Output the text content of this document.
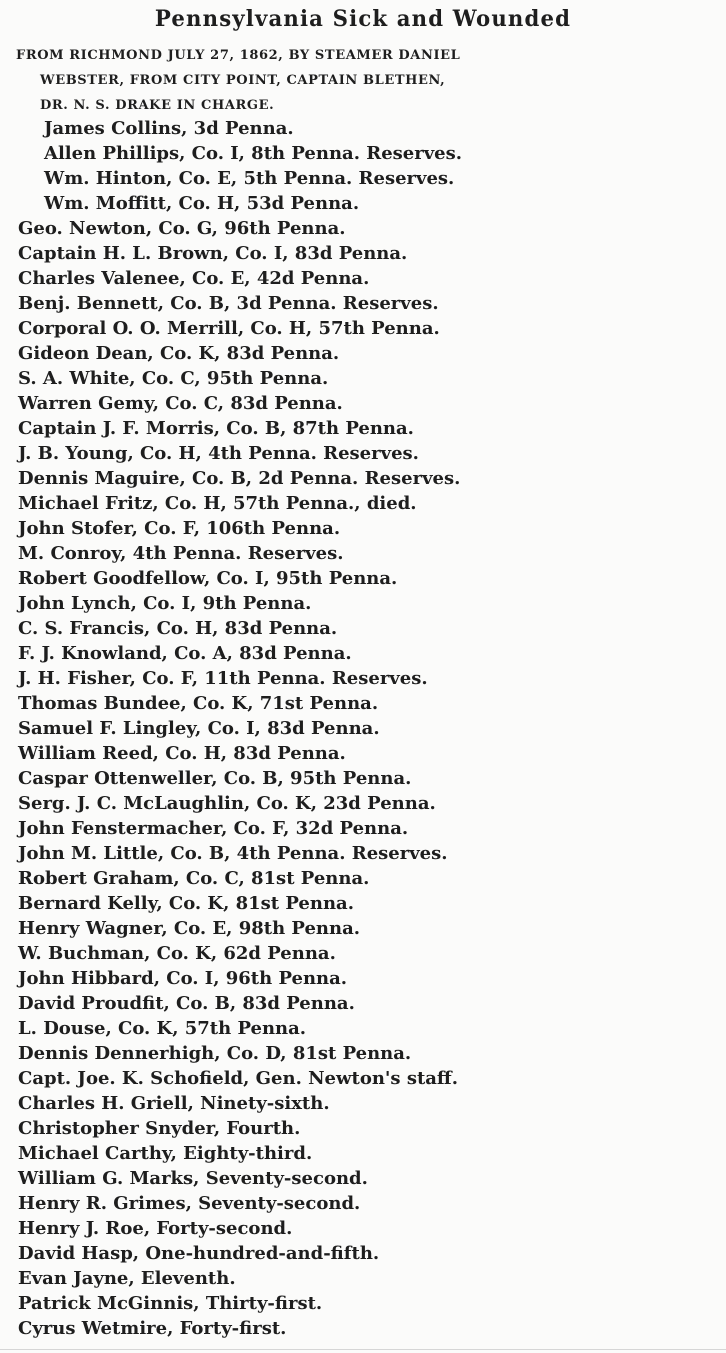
Pennsylvania Sick and Wounded
FROM RICHMOND JULY 27, 1862, BY STEAMER DANIEL
WEBSTER, FROM CITY POINT, CAPTAIN BLETHEN,
DR. N. S. DRAKE IN CHARGE.
James Collins, 3d Penna.
Allen Phillips, Co. I, 8th Penna. Reserves.
Wm. Hinton, Co. E, 5th Penna. Reserves.
Wm. Moffitt, Co. H, 53d Penna.
Geo. Newton, Co. G, 96th Penna.
Captain H. L. Brown, Co. I, 83d Penna.
Charles Valenee, Co. E, 42d Penna.
Benj. Bennett, Co. B, 3d Penna. Reserves.
Corporal O. O. Merrill, Co. H, 57th Penna.
Gideon Dean, Co. K, 83d Penna.
S. A. White, Co. C, 95th Penna.
Warren Gemy, Co. C, 83d Penna.
Captain J. F. Morris, Co. B, 87th Penna.
J. B. Young, Co. H, 4th Penna. Reserves.
Dennis Maguire, Co. B, 2d Penna. Reserves.
Michael Fritz, Co. H, 57th Penna., died.
John Stofer, Co. F, 106th Penna.
M. Conroy, 4th Penna. Reserves.
Robert Goodfellow, Co. I, 95th Penna.
John Lynch, Co. I, 9th Penna.
C. S. Francis, Co. H, 83d Penna.
F. J. Knowland, Co. A, 83d Penna.
J. H. Fisher, Co. F, 11th Penna. Reserves.
Thomas Bundee, Co. K, 71st Penna.
Samuel F. Lingley, Co. I, 83d Penna.
William Reed, Co. H, 83d Penna.
Caspar Ottenweller, Co. B, 95th Penna.
Serg. J. C. McLaughlin, Co. K, 23d Penna.
John Fenstermacher, Co. F, 32d Penna.
John M. Little, Co. B, 4th Penna. Reserves.
Robert Graham, Co. C, 81st Penna.
Bernard Kelly, Co. K, 81st Penna.
Henry Wagner, Co. E, 98th Penna.
W. Buchman, Co. K, 62d Penna.
John Hibbard, Co. I, 96th Penna.
David Proudfit, Co. B, 83d Penna.
L. Douse, Co. K, 57th Penna.
Dennis Dennerhigh, Co. D, 81st Penna.
Capt. Joe. K. Schofield, Gen. Newton's staff.
Charles H. Griell, Ninety-sixth.
Christopher Snyder, Fourth.
Michael Carthy, Eighty-third.
William G. Marks, Seventy-second.
Henry R. Grimes, Seventy-second.
Henry J. Roe, Forty-second.
David Hasp, One-hundred-and-fifth.
Evan Jayne, Eleventh.
Patrick McGinnis, Thirty-first.
Cyrus Wetmire, Forty-first.
